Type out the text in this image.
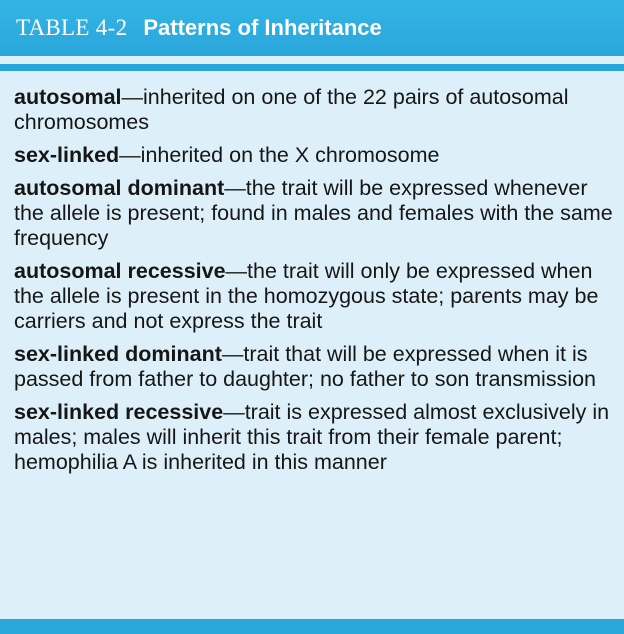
TABLE 4-2 Patterns of Inheritance

autosomal—inherited on one of the 22 pairs of autosomal chromosomes

sex-linked—inherited on the X chromosome

autosomal dominant—the trait will be expressed whenever the allele is present; found in males and females with the same frequency

autosomal recessive—the trait will only be expressed when the allele is present in the homozygous state; parents may be carriers and not express the trait

sex-linked dominant—trait that will be expressed when it is passed from father to daughter; no father to son transmission

sex-linked recessive—trait is expressed almost exclusively in males; males will inherit this trait from their female parent; hemophilia A is inherited in this manner
